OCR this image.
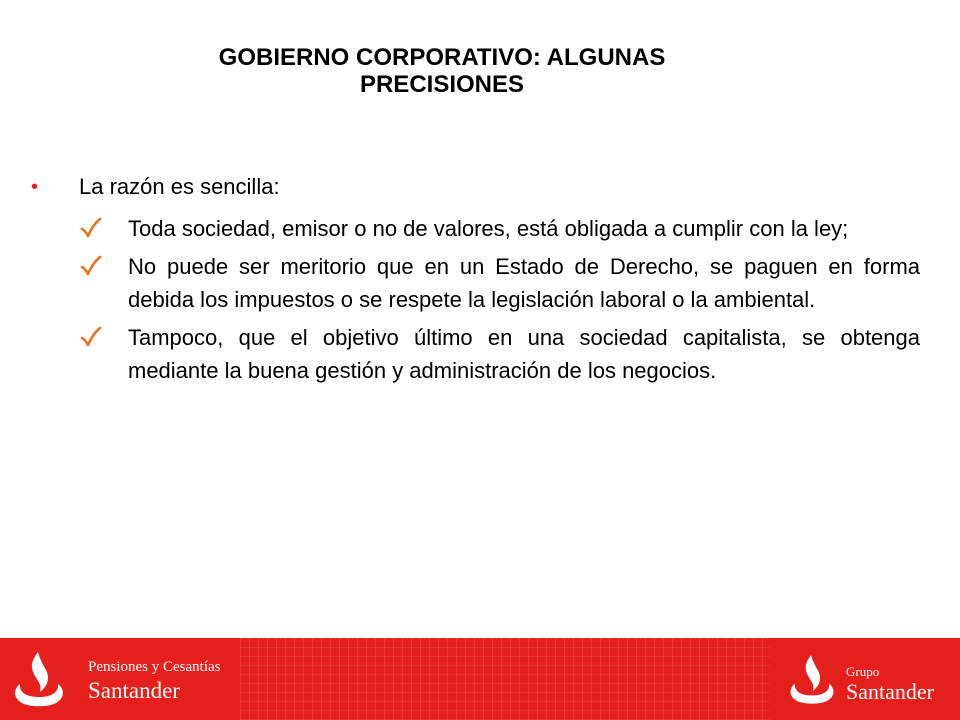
GOBIERNO CORPORATIVO: ALGUNAS
PRECISIONES
• La razón es sencilla:
Toda sociedad, emisor o no de valores, está obligada a cumplir con la ley;
No puede ser meritorio que en un Estado de Derecho, se paguen en forma debida los impuestos o se respete la legislación laboral o la ambiental.
Tampoco, que el objetivo último en una sociedad capitalista, se obtenga mediante la buena gestión y administración de los negocios.
Pensiones y Cesantías
Santander
Grupo
Santander
